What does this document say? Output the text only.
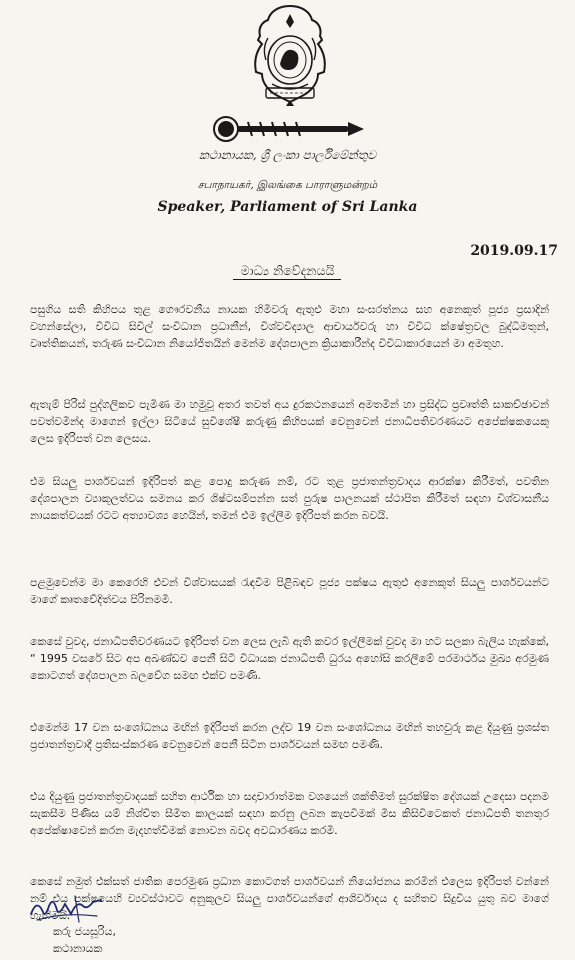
කථානායක, ශ්‍රී ලංකා පාර්ලිමේන්තුව
சபாநாயகர், இலங்கை பாராளுமன்றம்
Speaker, Parliament of Sri Lanka
2019.09.17
මාධ්‍ය නිවේදනයයි

පසුගිය සති කිහිපය තුළ ගෞරවනීය නායක හිමිවරු ඇතුළු මහා සංඝරත්නය සහ අනෙකුත් පූජ්‍ය ප්‍රසාදින් වහන්සේලා, විවිධ සිවිල් සංවිධාන ප්‍රධානීන්, විශ්වවිද්‍යාල ආචාර්යවරු හා විවිධ ක්ෂේත්‍රවල බුද්ධිමතුන්, වෘත්තිකයන්, තරුණ සංවිධාන නියෝජිතයින් මෙන්ම දේශපාලන ක්‍රියාකාරීන්ද විවිධාකාරයෙන් මා අමතුහ.

ඇතැම් පිරිස් පුද්ගලිකව පැමිණ මා හමුවූ අතර තවත් අය දුරකථනයෙන් අමතමින් හා ප්‍රසිද්ධ ප්‍රවෘත්ති සාකච්ඡාවන් පවත්වමින්ද මාගෙන් ඉල්ලා සිටියේ සුවිශේෂී කරුණු කිහිපයක් වෙනුවෙන් ජනාධිපතිවරණයට අපේක්ෂකයෙකු ලෙස ඉදිරිපත් වන ලෙසය.

එම සියලු පාර්ශවයන් ඉදිරිපත් කළ පොදු කරුණ නම්, රට තුළ ප්‍රජාතන්ත්‍රවාදය ආරක්ෂා කිරීමත්, පවතින දේශපාලන ව්‍යාකූලත්වය සමනය කර ශිෂ්ටසම්පන්න සත් පුරුෂ පාලනයක් ස්ථාපිත කිරීමත් සඳහා විශ්වාසනීය නායකත්වයක් රටට අත්‍යාවශ්‍ය හෙයින්, තමන් එම ඉල්ලීම ඉදිරිපත් කරන බවයි.

පළමුවෙන්ම මා කෙරෙහි එවන් විශ්වාසයක් රැඳවීම පිළිබඳව පූජ්‍ය පක්ෂය ඇතුළු අනෙකුත් සියලු පාර්ශවයන්ට මාගේ කෘතවේදිත්වය පිරිනමමි.

කෙසේ වුවද, ජනාධිපතිවරණයට ඉදිරිපත් වන ලෙස ලැබී ඇති කවර ඉල්ලීමක් වුවද මා හට සලකා බැලිය හැක්කේ, “ 1995 වසරේ සිට අප අඛණ්ඩව පෙනී සිටි විධායක ජනාධිපති ධුරය අහෝසි කරලීමේ පරමාර්ථය මුඛ්‍ය අරමුණ කොටගත් දේශපාලන බලවේග සමඟ එක්ව පමණි.

එමෙන්ම 17 වන සංශෝධනය මඟින් ඉදිරිපත් කරන ලද්ව 19 වන සංශෝධනය මඟින් තහවුරු කළ දියුණු ප්‍රශස්ත ප්‍රජාතන්ත්‍රවාදී ප්‍රතිසංස්කරණ වෙනුවෙන් පෙනී සිටින පාර්ශවයන් සමඟ පමණි.

එය දියුණු ප්‍රජාතන්ත්‍රවාදයක් සහිත ආර්ථික හා සදාචාරාත්මක වශයෙන් ශක්තිමත් සුරක්ෂිත දේශයක් උදෙසා පදනම සැකසීම පිණිස යම් නිශ්චිත සීමිත කාලයක් සඳහා කරනු ලබන කැපවීමක් මිස කිසිවිටෙකත් ජනාධිපති තනතුර අපේක්ෂාවෙන් කරන මැදහත්වීමක් නොවන බවද අවධාරණය කරමි.

කෙසේ නමුත් එක්සත් ජාතික පෙරමුණ ප්‍රධාන කොටගත් පාර්ශවයන් නියෝජනය කරමින් එලෙස ඉදිරිපත් වන්නේ නම් එය පක්ෂයෙහි ව්‍යවස්ථාවට අනුකූලව සියලු පාර්ශවයන්ගේ ආශිර්වාදය ද සහිතව සිදුවිය යුතු බව මාගේ හැඟීමයි.

කරු ජයසූරිය,
කථානායක
